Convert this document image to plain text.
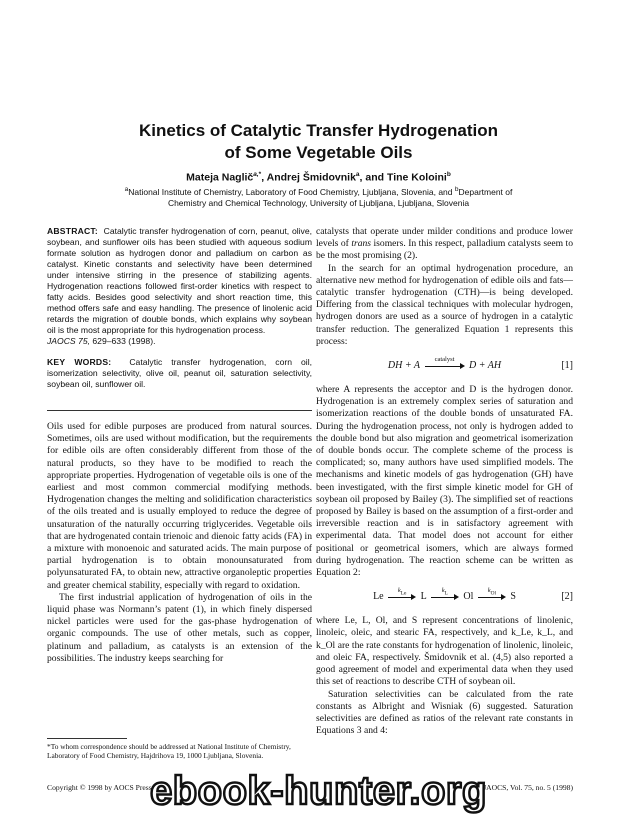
Kinetics of Catalytic Transfer Hydrogenation
of Some Vegetable Oils
Mateja Naglič$^{a,*}$, Andrej Šmidovnik$^a$, and Tine Koloini$^b$
$^a$National Institute of Chemistry, Laboratory of Food Chemistry, Ljubljana, Slovenia, and $^b$Department of Chemistry and Chemical Technology, University of Ljubljana, Ljubljana, Slovenia

ABSTRACT: Catalytic transfer hydrogenation of corn, peanut, olive, soybean, and sunflower oils has been studied with aqueous sodium formate solution as hydrogen donor and palladium on carbon as catalyst. Kinetic constants and selectivity have been determined under intensive stirring in the presence of stabilizing agents. Hydrogenation reactions followed first-order kinetics with respect to fatty acids. Besides good selectivity and short reaction time, this method offers safe and easy handling. The presence of linolenic acid retards the migration of double bonds, which explains why soybean oil is the most appropriate for this hydrogenation process.
JAOCS 75, 629–633 (1998).

KEY WORDS: Catalytic transfer hydrogenation, corn oil, isomerization selectivity, olive oil, peanut oil, saturation selectivity, soybean oil, sunflower oil.

Oils used for edible purposes are produced from natural sources. Sometimes, oils are used without modification, but the requirements for edible oils are often considerably different from those of the natural products, so they have to be modified to reach the appropriate properties. Hydrogenation of vegetable oils is one of the earliest and most common commercial modifying methods. Hydrogenation changes the melting and solidification characteristics of the oils treated and is usually employed to reduce the degree of unsaturation of the naturally occurring triglycerides. Vegetable oils that are hydrogenated contain trienoic and dienoic fatty acids (FA) in a mixture with monoenoic and saturated acids. The main purpose of partial hydrogenation is to obtain monounsaturated from polyunsaturated FA, to obtain new, attractive organoleptic properties and greater chemical stability, especially with regard to oxidation.

The first industrial application of hydrogenation of oils in the liquid phase was Normann’s patent (1), in which finely dispersed nickel particles were used for the gas-phase hydrogenation of organic compounds. The use of other metals, such as copper, platinum and palladium, as catalysts is an extension of the possibilities. The industry keeps searching for

catalysts that operate under milder conditions and produce lower levels of trans isomers. In this respect, palladium catalysts seem to be the most promising (2).

In the search for an optimal hydrogenation procedure, an alternative new method for hydrogenation of edible oils and fats—catalytic transfer hydrogenation (CTH)—is being developed. Differing from the classical techniques with molecular hydrogen, hydrogen donors are used as a source of hydrogen in a catalytic transfer reduction. The generalized Equation 1 represents this process:

DH + A
catalyst
D + AH	[1]

where A represents the acceptor and D is the hydrogen donor. Hydrogenation is an extremely complex series of saturation and isomerization reactions of the double bonds of unsaturated FA. During the hydrogenation process, not only is hydrogen added to the double bond but also migration and geometrical isomerization of double bonds occur. The complete scheme of the process is complicated; so, many authors have used simplified models. The mechanisms and kinetic models of gas hydrogenation (GH) have been investigated, with the first simple kinetic model for GH of soybean oil proposed by Bailey (3). The simplified set of reactions proposed by Bailey is based on the assumption of a first-order and irreversible reaction and is in satisfactory agreement with experimental data. That model does not account for either positional or geometrical isomers, which are always formed during hydrogenation. The reaction scheme can be written as Equation 2:

Le
$k_{Le}$	L
$k_L$	Ol
$k_{Ol}$	S	[2]

where Le, L, Ol, and S represent concentrations of linolenic, linoleic, oleic, and stearic FA, respectively, and k_Le, k_L, and k_Ol are the rate constants for hydrogenation of linolenic, linoleic, and oleic FA, respectively. Šmidovnik et al. (4,5) also reported a good agreement of model and experimental data when they used this set of reactions to describe CTH of soybean oil.

Saturation selectivities can be calculated from the rate constants as Albright and Wisniak (6) suggested. Saturation selectivities are defined as ratios of the relevant rate constants in Equations 3 and 4:

*To whom correspondence should be addressed at National Institute of Chemistry, Laboratory of Food Chemistry, Hajdrihova 19, 1000 Ljubljana, Slovenia.
Copyright © 1998 by AOCS Press	JAOCS, Vol. 75, no. 5 (1998)
ebook-hunter.org
